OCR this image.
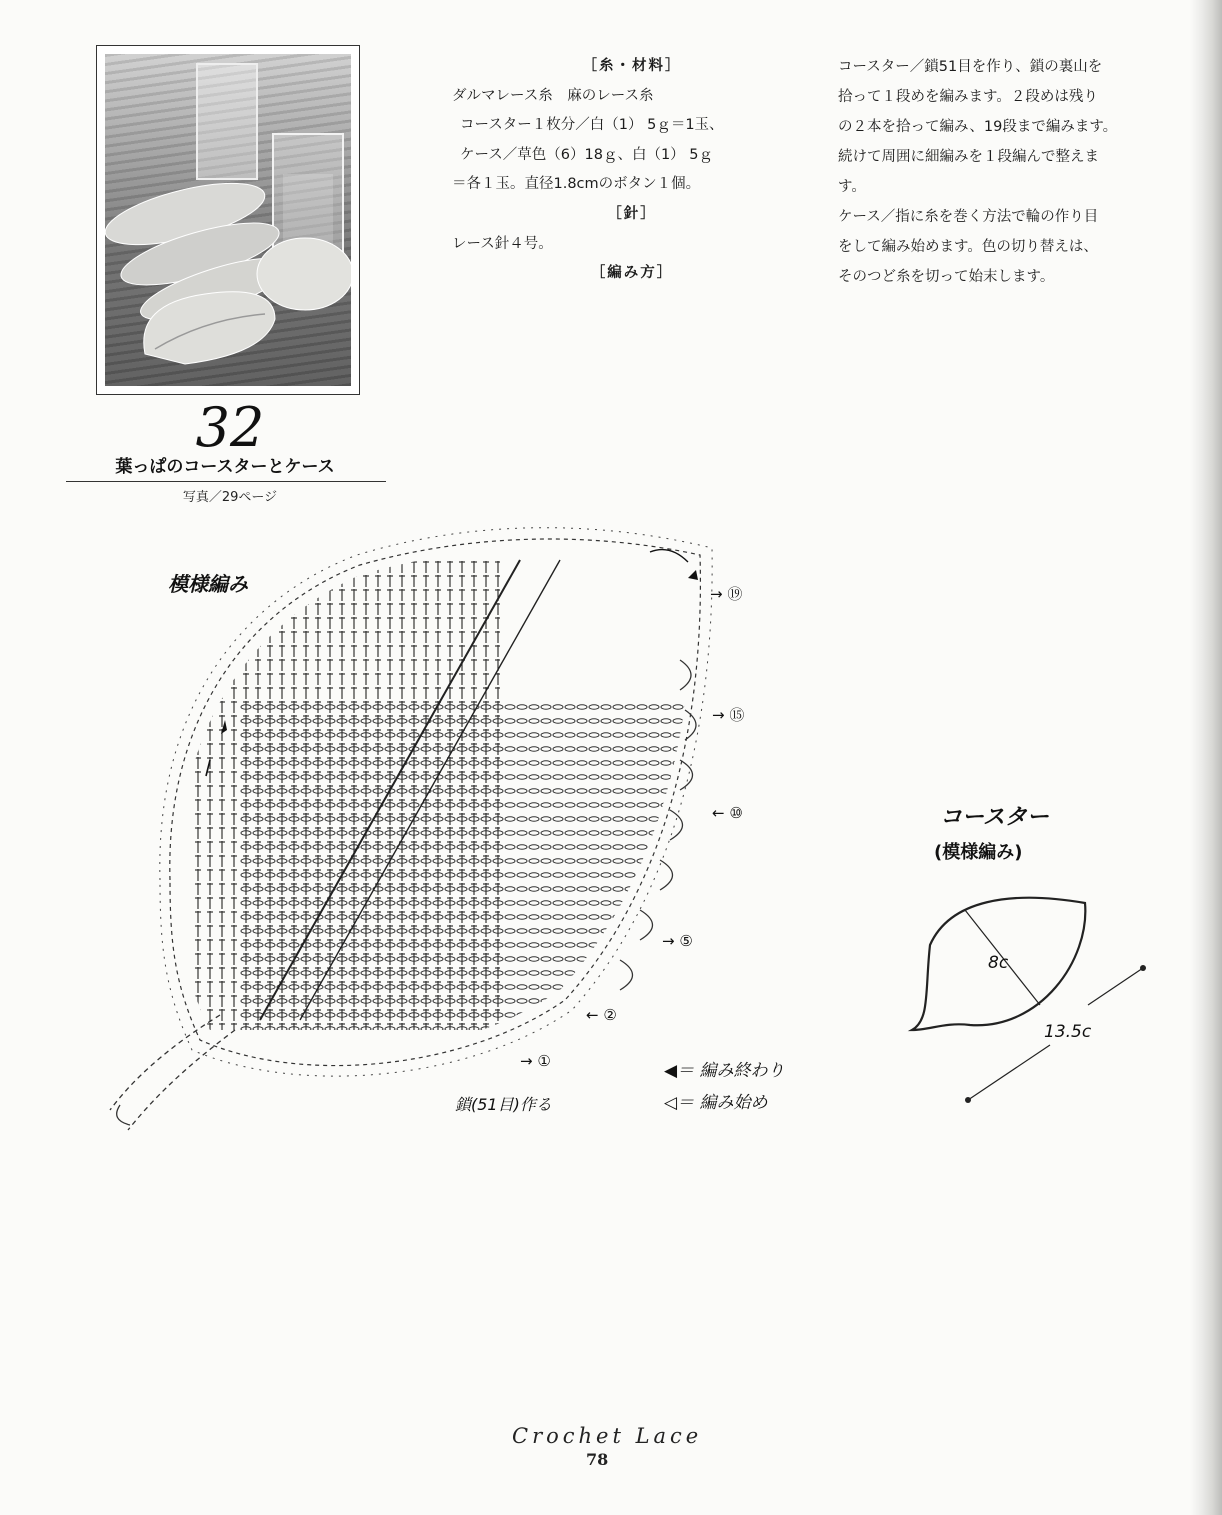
32
葉っぱのコースターとケース
写真／29ページ
［糸・材料］
ダルマレース糸　麻のレース糸
コースター１枚分／白（1） 5ｇ＝1玉、
ケース／草色（6）18ｇ、白（1） 5ｇ
＝各１玉。直径1.8cmのボタン１個。
［針］
レース針４号。
［編み方］
コースター／鎖51目を作り、鎖の裏山を
拾って１段めを編みます。２段めは残り
の２本を拾って編み、19段まで編みます。
続けて周囲に細編みを１段編んで整えま
す。
ケース／指に糸を巻く方法で輪の作り目
をして編み始めます。色の切り替えは、
そのつど糸を切って始末します。
模様編み	→ ⑲
→ ⑮
← ⑩
→ ⑤
← ②
→ ①
鎖(51目)作る
◀＝ 編み終わり
◁＝ 編み始め
コースター
(模様編み)
8c
13.5c
Crochet Lace
78
